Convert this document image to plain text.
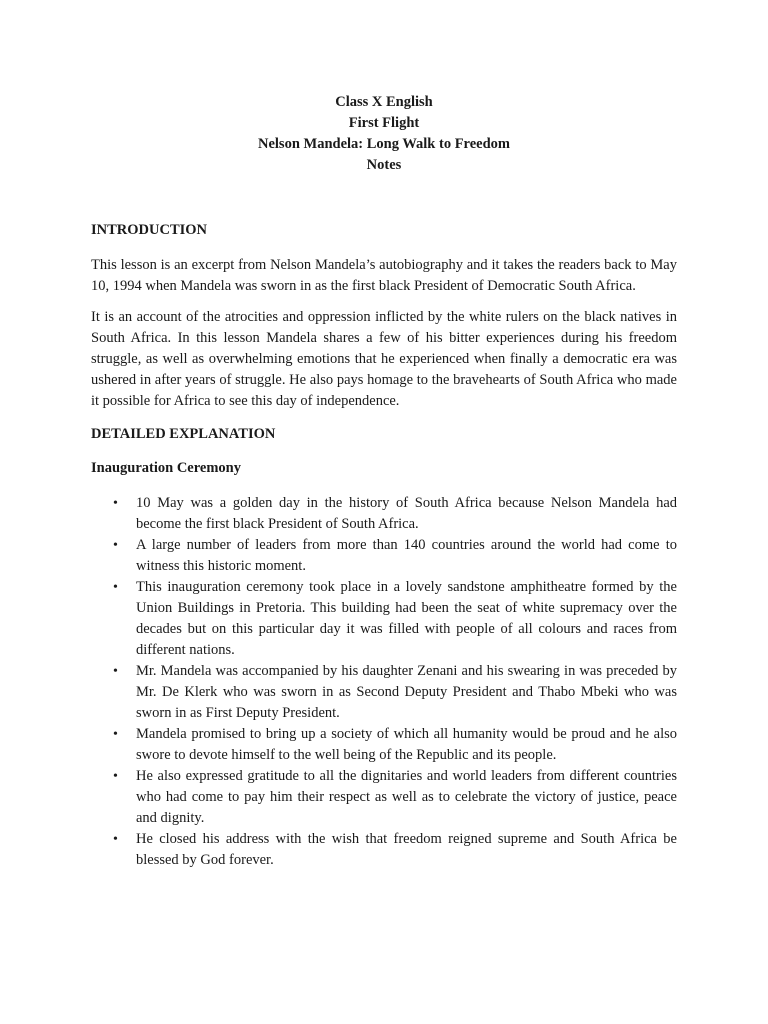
Class X English
First Flight
Nelson Mandela: Long Walk to Freedom
Notes

INTRODUCTION

This lesson is an excerpt from Nelson Mandela’s autobiography and it takes the readers back to May 10, 1994 when Mandela was sworn in as the first black President of Democratic South Africa.

It is an account of the atrocities and oppression inflicted by the white rulers on the black natives in South Africa. In this lesson Mandela shares a few of his bitter experiences during his freedom struggle, as well as overwhelming emotions that he experienced when finally a democratic era was ushered in after years of struggle. He also pays homage to the bravehearts of South Africa who made it possible for Africa to see this day of independence.

DETAILED EXPLANATION

Inauguration Ceremony

• 10 May was a golden day in the history of South Africa because Nelson Mandela had become the first black President of South Africa.
• A large number of leaders from more than 140 countries around the world had come to witness this historic moment.
• This inauguration ceremony took place in a lovely sandstone amphitheatre formed by the Union Buildings in Pretoria. This building had been the seat of white supremacy over the decades but on this particular day it was filled with people of all colours and races from different nations.
• Mr. Mandela was accompanied by his daughter Zenani and his swearing in was preceded by Mr. De Klerk who was sworn in as Second Deputy President and Thabo Mbeki who was sworn in as First Deputy President.
• Mandela promised to bring up a society of which all humanity would be proud and he also swore to devote himself to the well being of the Republic and its people.
• He also expressed gratitude to all the dignitaries and world leaders from different countries who had come to pay him their respect as well as to celebrate the victory of justice, peace and dignity.
• He closed his address with the wish that freedom reigned supreme and South Africa be blessed by God forever.
